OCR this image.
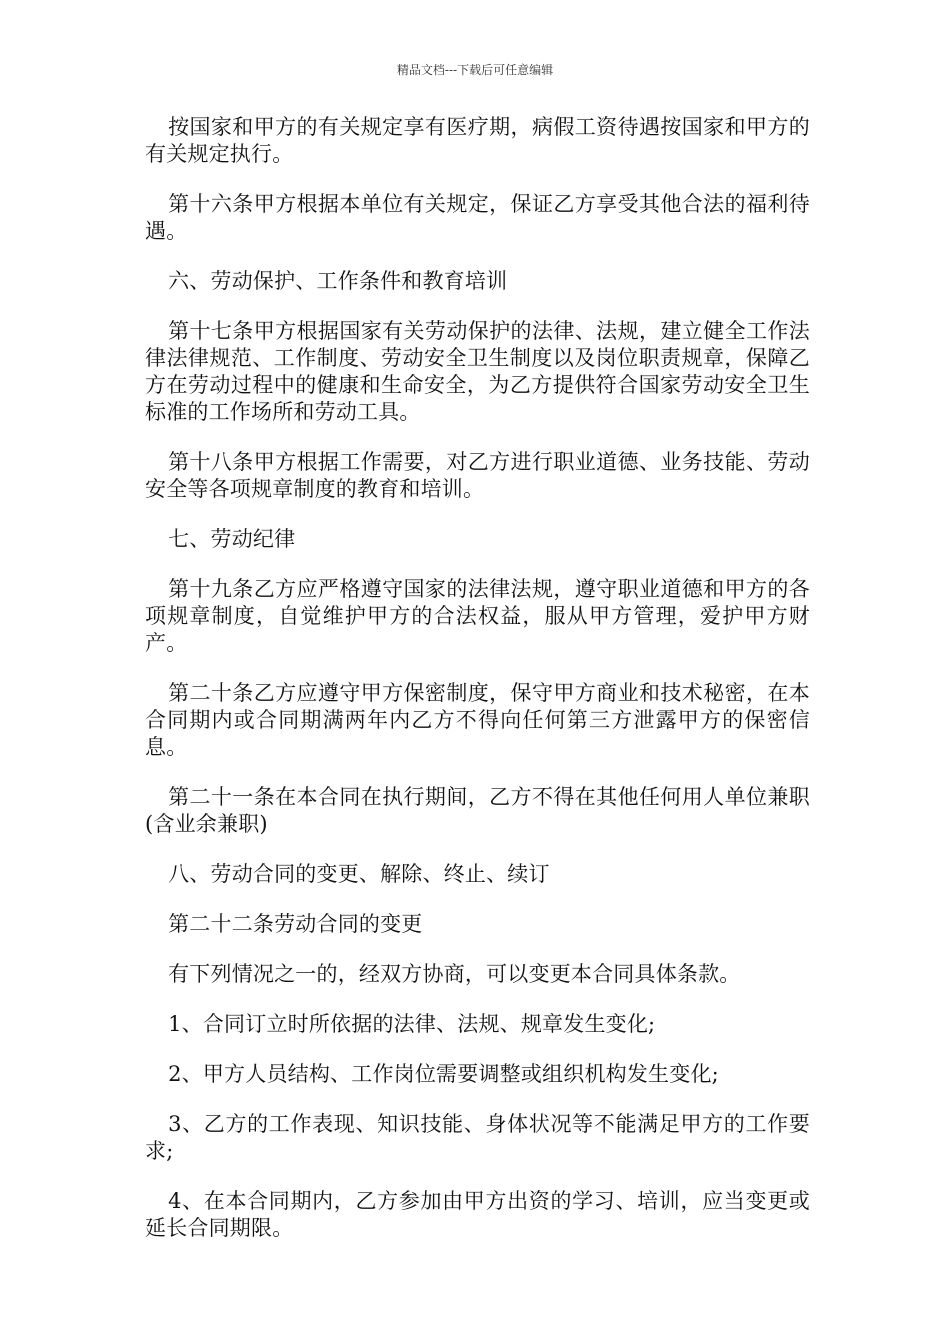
精品文档---下载后可任意编辑

按国家和甲方的有关规定享有医疗期，病假工资待遇按国家和甲方的有关规定执行。

第十六条甲方根据本单位有关规定，保证乙方享受其他合法的福利待遇。

六、劳动保护、工作条件和教育培训

第十七条甲方根据国家有关劳动保护的法律、法规，建立健全工作法律法律规范、工作制度、劳动安全卫生制度以及岗位职责规章，保障乙方在劳动过程中的健康和生命安全，为乙方提供符合国家劳动安全卫生标准的工作场所和劳动工具。

第十八条甲方根据工作需要，对乙方进行职业道德、业务技能、劳动安全等各项规章制度的教育和培训。

七、劳动纪律

第十九条乙方应严格遵守国家的法律法规，遵守职业道德和甲方的各项规章制度，自觉维护甲方的合法权益，服从甲方管理，爱护甲方财产。

第二十条乙方应遵守甲方保密制度，保守甲方商业和技术秘密，在本合同期内或合同期满两年内乙方不得向任何第三方泄露甲方的保密信息。

第二十一条在本合同在执行期间，乙方不得在其他任何用人单位兼职(含业余兼职)

八、劳动合同的变更、解除、终止、续订

第二十二条劳动合同的变更

有下列情况之一的，经双方协商，可以变更本合同具体条款。

1、合同订立时所依据的法律、法规、规章发生变化;

2、甲方人员结构、工作岗位需要调整或组织机构发生变化;

3、乙方的工作表现、知识技能、身体状况等不能满足甲方的工作要求;

4、在本合同期内，乙方参加由甲方出资的学习、培训，应当变更或延长合同期限。
